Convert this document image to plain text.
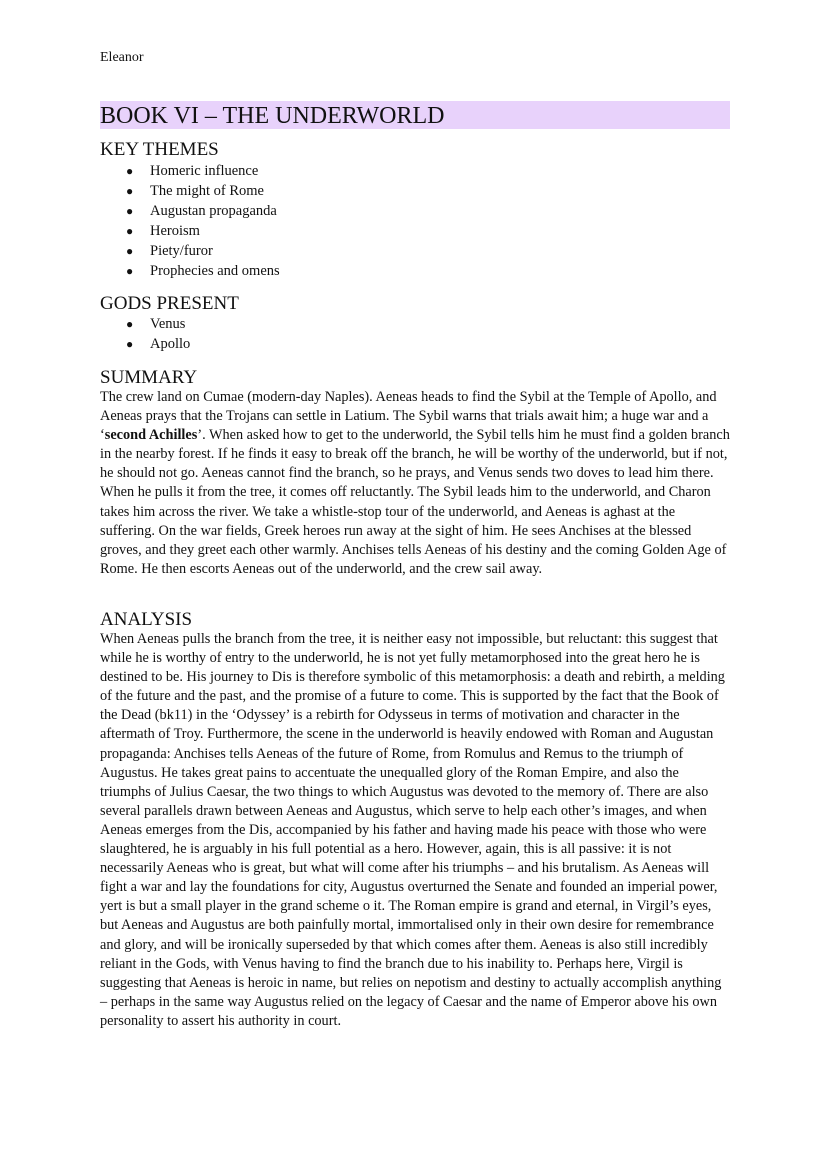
Eleanor
BOOK VI – THE UNDERWORLD
KEY THEMES
● Homeric influence
● The might of Rome
● Augustan propaganda
● Heroism
● Piety/furor
● Prophecies and omens
GODS PRESENT
● Venus
● Apollo
SUMMARY

The crew land on Cumae (modern-day Naples). Aeneas heads to find the Sybil at the Temple of Apollo, and Aeneas prays that the Trojans can settle in Latium. The Sybil warns that trials await him; a huge war and a ‘second Achilles’. When asked how to get to the underworld, the Sybil tells him he must find a golden branch in the nearby forest. If he finds it easy to break off the branch, he will be worthy of the underworld, but if not, he should not go. Aeneas cannot find the branch, so he prays, and Venus sends two doves to lead him there. When he pulls it from the tree, it comes off reluctantly. The Sybil leads him to the underworld, and Charon takes him across the river. We take a whistle-stop tour of the underworld, and Aeneas is aghast at the suffering. On the war fields, Greek heroes run away at the sight of him. He sees Anchises at the blessed groves, and they greet each other warmly. Anchises tells Aeneas of his destiny and the coming Golden Age of Rome. He then escorts Aeneas out of the underworld, and the crew sail away.

ANALYSIS

When Aeneas pulls the branch from the tree, it is neither easy not impossible, but reluctant: this suggest that while he is worthy of entry to the underworld, he is not yet fully metamorphosed into the great hero he is destined to be. His journey to Dis is therefore symbolic of this metamorphosis: a death and rebirth, a melding of the future and the past, and the promise of a future to come. This is supported by the fact that the Book of the Dead (bk11) in the ‘Odyssey’ is a rebirth for Odysseus in terms of motivation and character in the aftermath of Troy. Furthermore, the scene in the underworld is heavily endowed with Roman and Augustan propaganda: Anchises tells Aeneas of the future of Rome, from Romulus and Remus to the triumph of Augustus. He takes great pains to accentuate the unequalled glory of the Roman Empire, and also the triumphs of Julius Caesar, the two things to which Augustus was devoted to the memory of. There are also several parallels drawn between Aeneas and Augustus, which serve to help each other’s images, and when Aeneas emerges from the Dis, accompanied by his father and having made his peace with those who were slaughtered, he is arguably in his full potential as a hero. However, again, this is all passive: it is not necessarily Aeneas who is great, but what will come after his triumphs – and his brutalism. As Aeneas will fight a war and lay the foundations for city, Augustus overturned the Senate and founded an imperial power, yert is but a small player in the grand scheme o it. The Roman empire is grand and eternal, in Virgil’s eyes, but Aeneas and Augustus are both painfully mortal, immortalised only in their own desire for remembrance and glory, and will be ironically superseded by that which comes after them. Aeneas is also still incredibly reliant in the Gods, with Venus having to find the branch due to his inability to. Perhaps here, Virgil is suggesting that Aeneas is heroic in name, but relies on nepotism and destiny to actually accomplish anything – perhaps in the same way Augustus relied on the legacy of Caesar and the name of Emperor above his own personality to assert his authority in court.
